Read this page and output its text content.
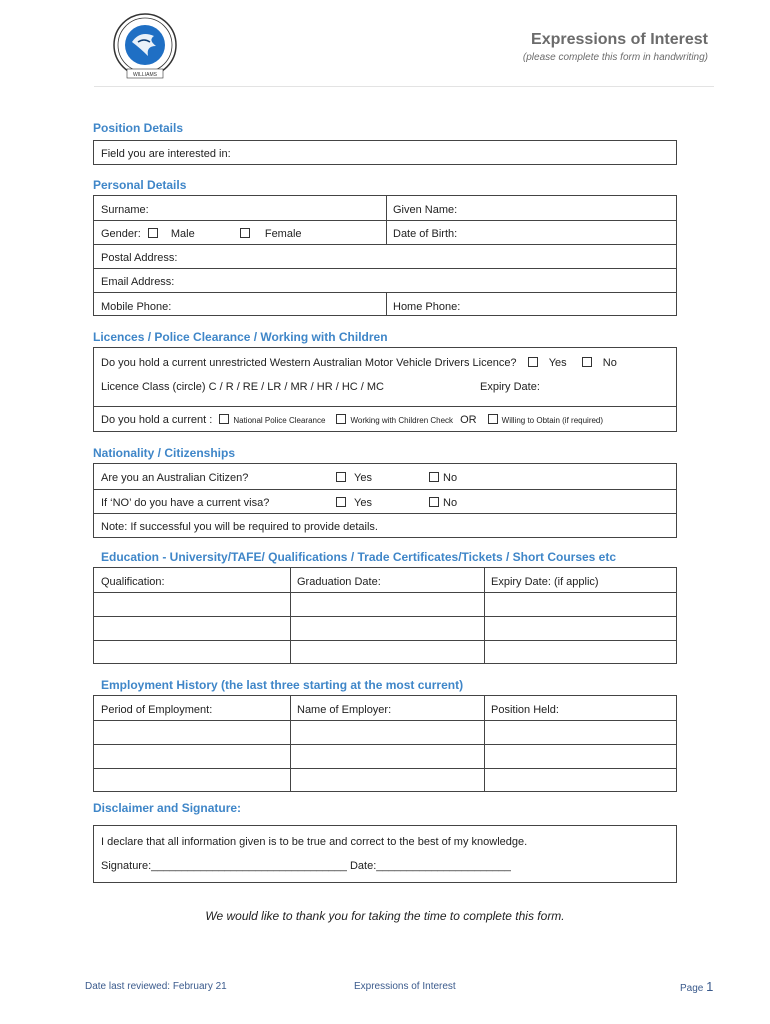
WILLIAMS
Expressions of Interest
(please complete this form in handwriting)
Position Details
Field you are interested in:
Personal Details
Surname:	Given Name:
Gender:	Male	Female	Date of Birth:
Postal Address:
Email Address:
Mobile Phone:	Home Phone:
Licences / Police Clearance / Working with Children
Do you hold a current unrestricted Western Australian Motor Vehicle Drivers Licence?	Yes	No
Licence Class (circle) C / R / RE / LR / MR / HR / HC / MC	Expiry Date:
Do you hold a current :	National Police Clearance	Working with Children Check OR	Willing to Obtain (if required)
Nationality / Citizenships
Are you an Australian Citizen?	Yes	No
If ‘NO’ do you have a current visa?	Yes	No
Note: If successful you will be required to provide details.
Education - University/TAFE/ Qualifications / Trade Certificates/Tickets / Short Courses etc
Qualification:	Graduation Date:	Expiry Date: (if applic)
Employment History (the last three starting at the most current)
Period of Employment:	Name of Employer:	Position Held:
Disclaimer and Signature:
I declare that all information given is to be true and correct to the best of my knowledge.
Signature:________________________________ Date:______________________
We would like to thank you for taking the time to complete this form.
Date last reviewed: February 21	Expressions of Interest	Page 1
